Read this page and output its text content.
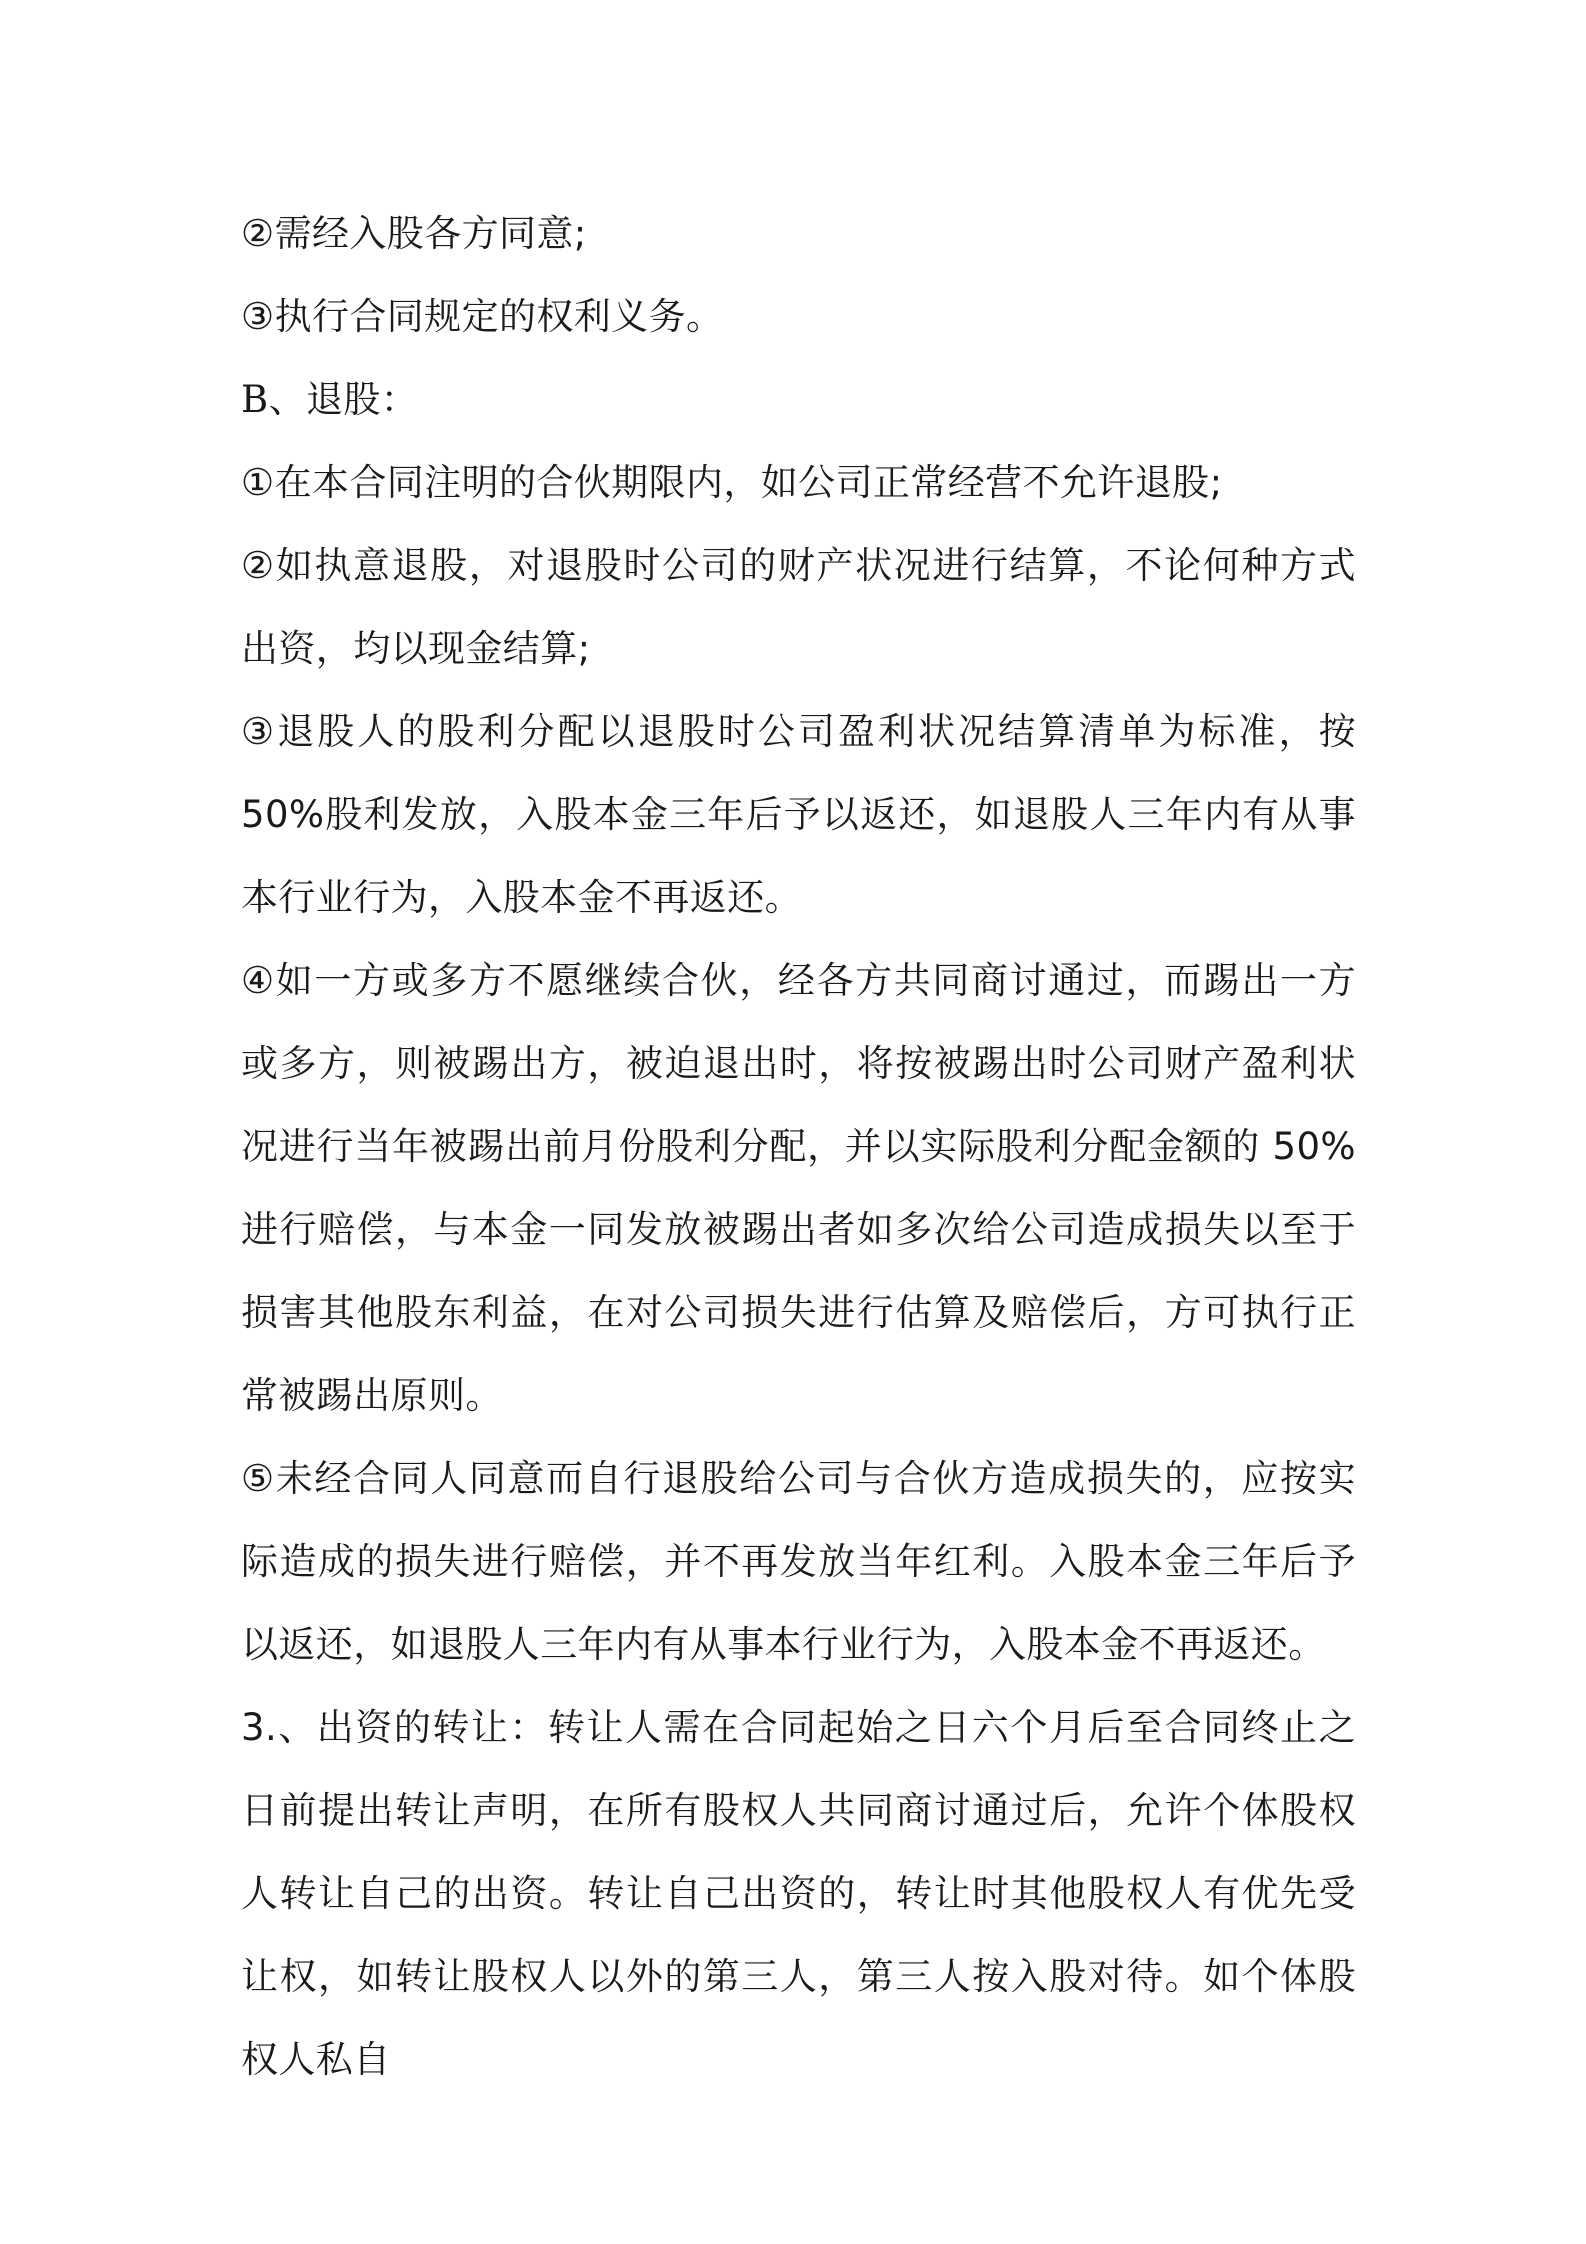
②需经入股各方同意;

③执行合同规定的权利义务。

B、退股：

①在本合同注明的合伙期限内，如公司正常经营不允许退股;

②如执意退股，对退股时公司的财产状况进行结算，不论何种方式出资，均以现金结算;

③退股人的股利分配以退股时公司盈利状况结算清单为标准，按50%股利发放，入股本金三年后予以返还，如退股人三年内有从事本行业行为，入股本金不再返还。

④如一方或多方不愿继续合伙，经各方共同商讨通过，而踢出一方或多方，则被踢出方，被迫退出时，将按被踢出时公司财产盈利状况进行当年被踢出前月份股利分配，并以实际股利分配金额的 50%进行赔偿，与本金一同发放被踢出者如多次给公司造成损失以至于损害其他股东利益，在对公司损失进行估算及赔偿后，方可执行正常被踢出原则。

⑤未经合同人同意而自行退股给公司与合伙方造成损失的，应按实际造成的损失进行赔偿，并不再发放当年红利。入股本金三年后予以返还，如退股人三年内有从事本行业行为，入股本金不再返还。

3.、出资的转让：转让人需在合同起始之日六个月后至合同终止之日前提出转让声明，在所有股权人共同商讨通过后，允许个体股权人转让自己的出资。转让自己出资的，转让时其他股权人有优先受让权，如转让股权人以外的第三人，第三人按入股对待。如个体股权人私自
